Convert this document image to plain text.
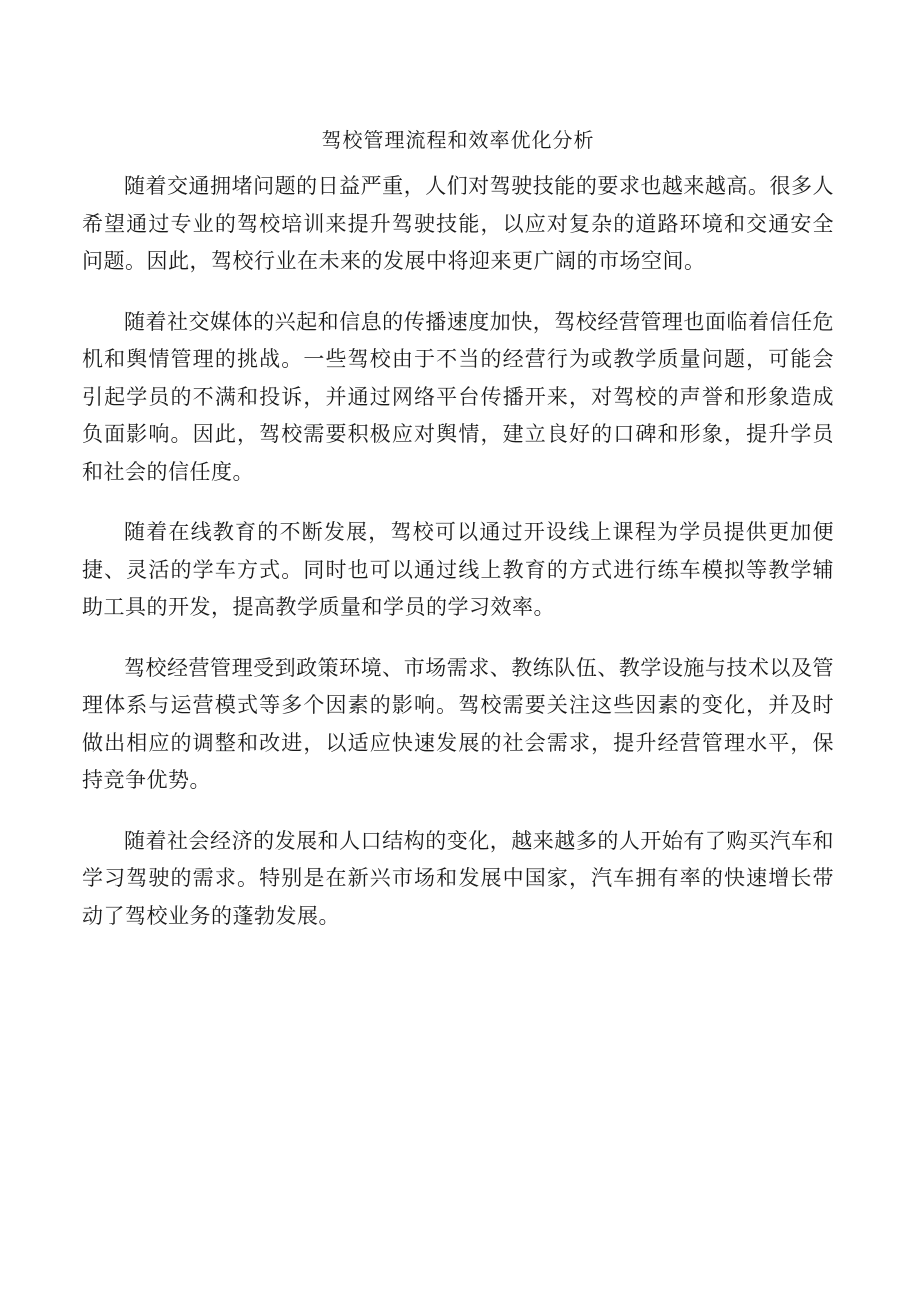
驾校管理流程和效率优化分析

随着交通拥堵问题的日益严重，人们对驾驶技能的要求也越来越高。很多人希望通过专业的驾校培训来提升驾驶技能，以应对复杂的道路环境和交通安全问题。因此，驾校行业在未来的发展中将迎来更广阔的市场空间。

随着社交媒体的兴起和信息的传播速度加快，驾校经营管理也面临着信任危机和舆情管理的挑战。一些驾校由于不当的经营行为或教学质量问题，可能会引起学员的不满和投诉，并通过网络平台传播开来，对驾校的声誉和形象造成负面影响。因此，驾校需要积极应对舆情，建立良好的口碑和形象，提升学员和社会的信任度。

随着在线教育的不断发展，驾校可以通过开设线上课程为学员提供更加便捷、灵活的学车方式。同时也可以通过线上教育的方式进行练车模拟等教学辅助工具的开发，提高教学质量和学员的学习效率。

驾校经营管理受到政策环境、市场需求、教练队伍、教学设施与技术以及管理体系与运营模式等多个因素的影响。驾校需要关注这些因素的变化，并及时做出相应的调整和改进，以适应快速发展的社会需求，提升经营管理水平，保持竞争优势。

随着社会经济的发展和人口结构的变化，越来越多的人开始有了购买汽车和学习驾驶的需求。特别是在新兴市场和发展中国家，汽车拥有率的快速增长带动了驾校业务的蓬勃发展。
